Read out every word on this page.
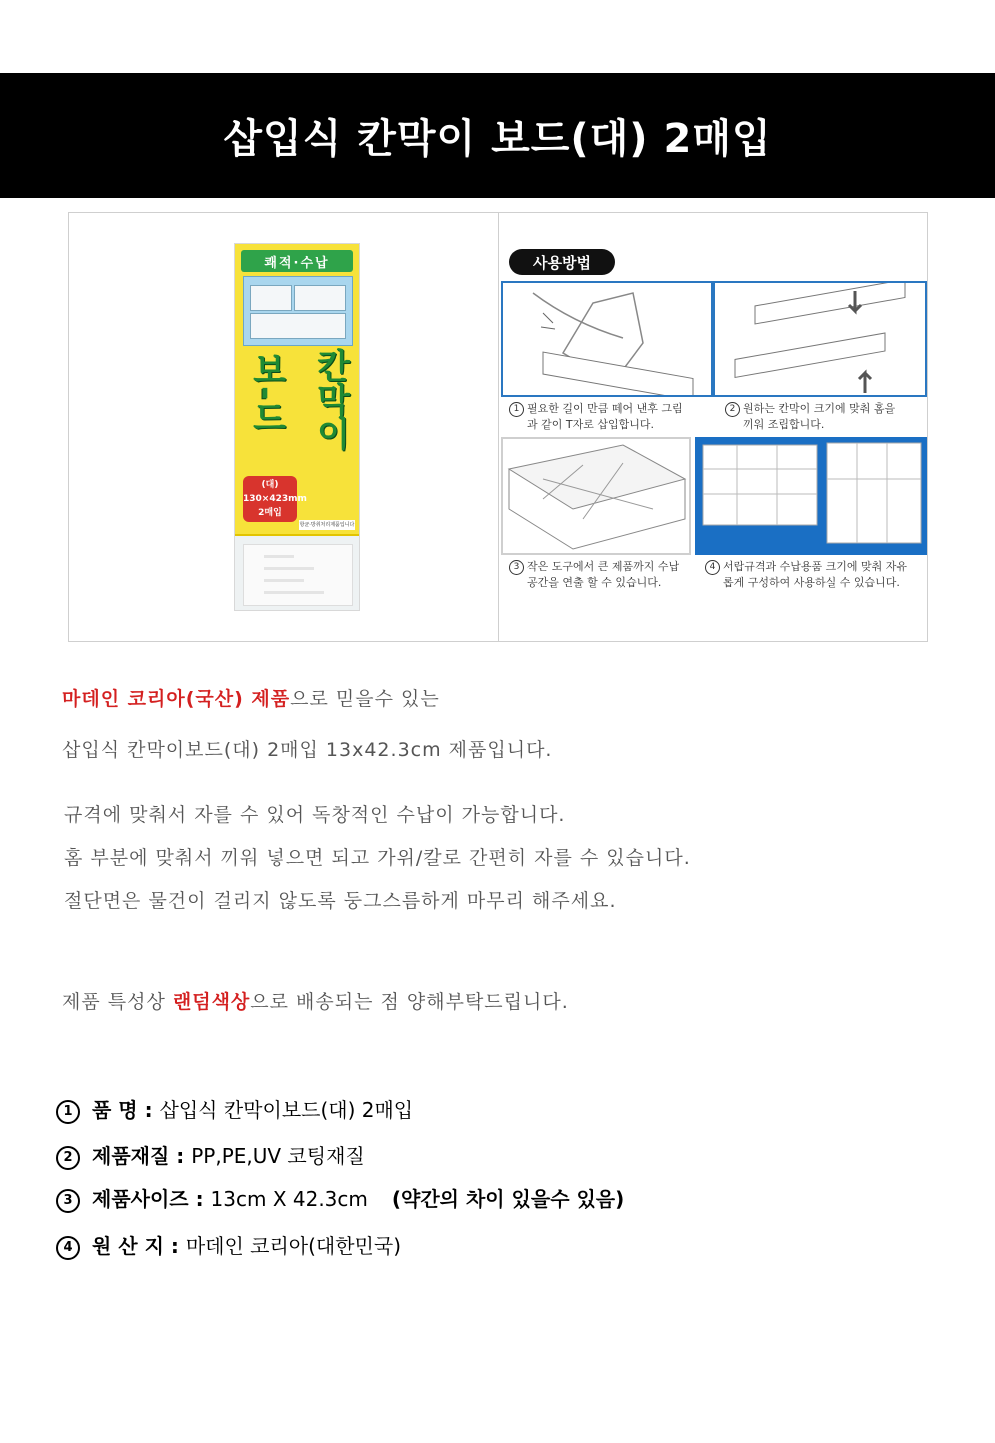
삽입식 칸막이 보드(대) 2매입
쾌적·수납
칸막이
보-드
(대)
130×423mm
2매입
항균·방취처리제품입니다
사용방법
1 필요한 길이 만큼 떼어 낸후 그림
과 같이 T자로 삽입합니다.
2 원하는 칸막이 크기에 맞춰 홈을
끼워 조립합니다.
3 작은 도구에서 큰 제품까지 수납
공간을 연출 할 수 있습니다.
4 서랍규격과 수납용품 크기에 맞춰 자유
롭게 구성하여 사용하실 수 있습니다.
마데인 코리아(국산) 제품으로 믿을수 있는
삽입식 칸막이보드(대) 2매입 13x42.3cm 제품입니다.
규격에 맞춰서 자를 수 있어 독창적인 수납이 가능합니다.
홈 부분에 맞춰서 끼워 넣으면 되고 가위/칼로 간편히 자를 수 있습니다.
절단면은 물건이 걸리지 않도록 둥그스름하게 마무리 해주세요.
제품 특성상 랜덤색상으로 배송되는 점 양해부탁드립니다.
1 품 명 : 삽입식 칸막이보드(대) 2매입
2 제품재질 : PP,PE,UV 코팅재질
3 제품사이즈 : 13cm X 42.3cm (약간의 차이 있을수 있음)
4 원 산 지 : 마데인 코리아(대한민국)
